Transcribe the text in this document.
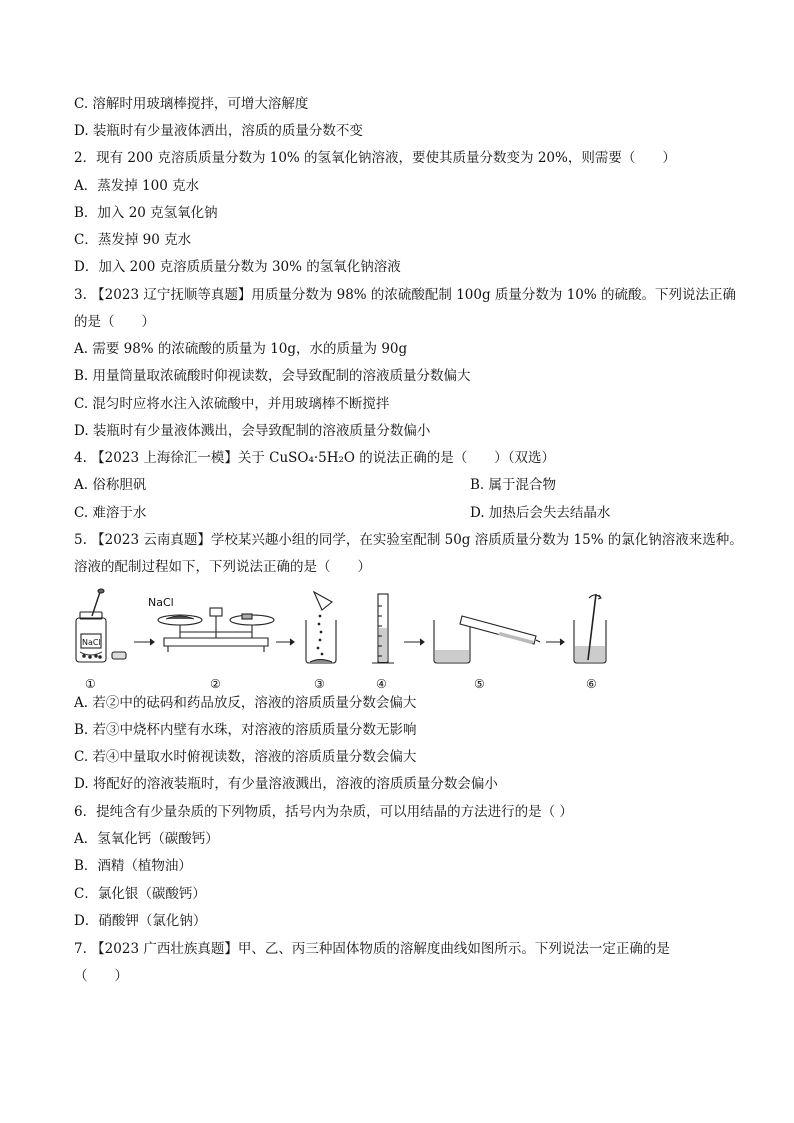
C. 溶解时用玻璃棒搅拌，可增大溶解度
D. 装瓶时有少量液体洒出，溶质的质量分数不变
2．现有 200 克溶质质量分数为 10% 的氢氧化钠溶液，要使其质量分数变为 20%，则需要（　　）
A．蒸发掉 100 克水
B．加入 20 克氢氧化钠
C．蒸发掉 90 克水
D．加入 200 克溶质质量分数为 30% 的氢氧化钠溶液
3. 【2023 辽宁抚顺等真题】用质量分数为 98% 的浓硫酸配制 100g 质量分数为 10% 的硫酸。下列说法正确
的是（　　）
A. 需要 98% 的浓硫酸的质量为 10g，水的质量为 90g
B. 用量筒量取浓硫酸时仰视读数，会导致配制的溶液质量分数偏大
C. 混匀时应将水注入浓硫酸中，并用玻璃棒不断搅拌
D. 装瓶时有少量液体溅出，会导致配制的溶液质量分数偏小
4. 【2023 上海徐汇一模】关于 CuSO₄·5H₂O 的说法正确的是（　　）（双选）
A. 俗称胆矾	B. 属于混合物
C. 难溶于水	D. 加热后会失去结晶水
5. 【2023 云南真题】学校某兴趣小组的同学，在实验室配制 50g 溶质质量分数为 15% 的氯化钠溶液来选种。
溶液的配制过程如下，下列说法正确的是（　　）
NaCl
NaCl
①	②	③	④	⑤	⑥
A. 若②中的砝码和药品放反，溶液的溶质质量分数会偏大
B. 若③中烧杯内壁有水珠，对溶液的溶质质量分数无影响
C. 若④中量取水时俯视读数，溶液的溶质质量分数会偏大
D. 将配好的溶液装瓶时，有少量溶液溅出，溶液的溶质质量分数会偏小
6．提纯含有少量杂质的下列物质，括号内为杂质，可以用结晶的方法进行的是（ ）
A．氢氧化钙（碳酸钙）
B．酒精（植物油）
C．氯化银（碳酸钙）
D．硝酸钾（氯化钠）
7. 【2023 广西壮族真题】甲、乙、丙三种固体物质的溶解度曲线如图所示。下列说法一定正确的是
（　　）
